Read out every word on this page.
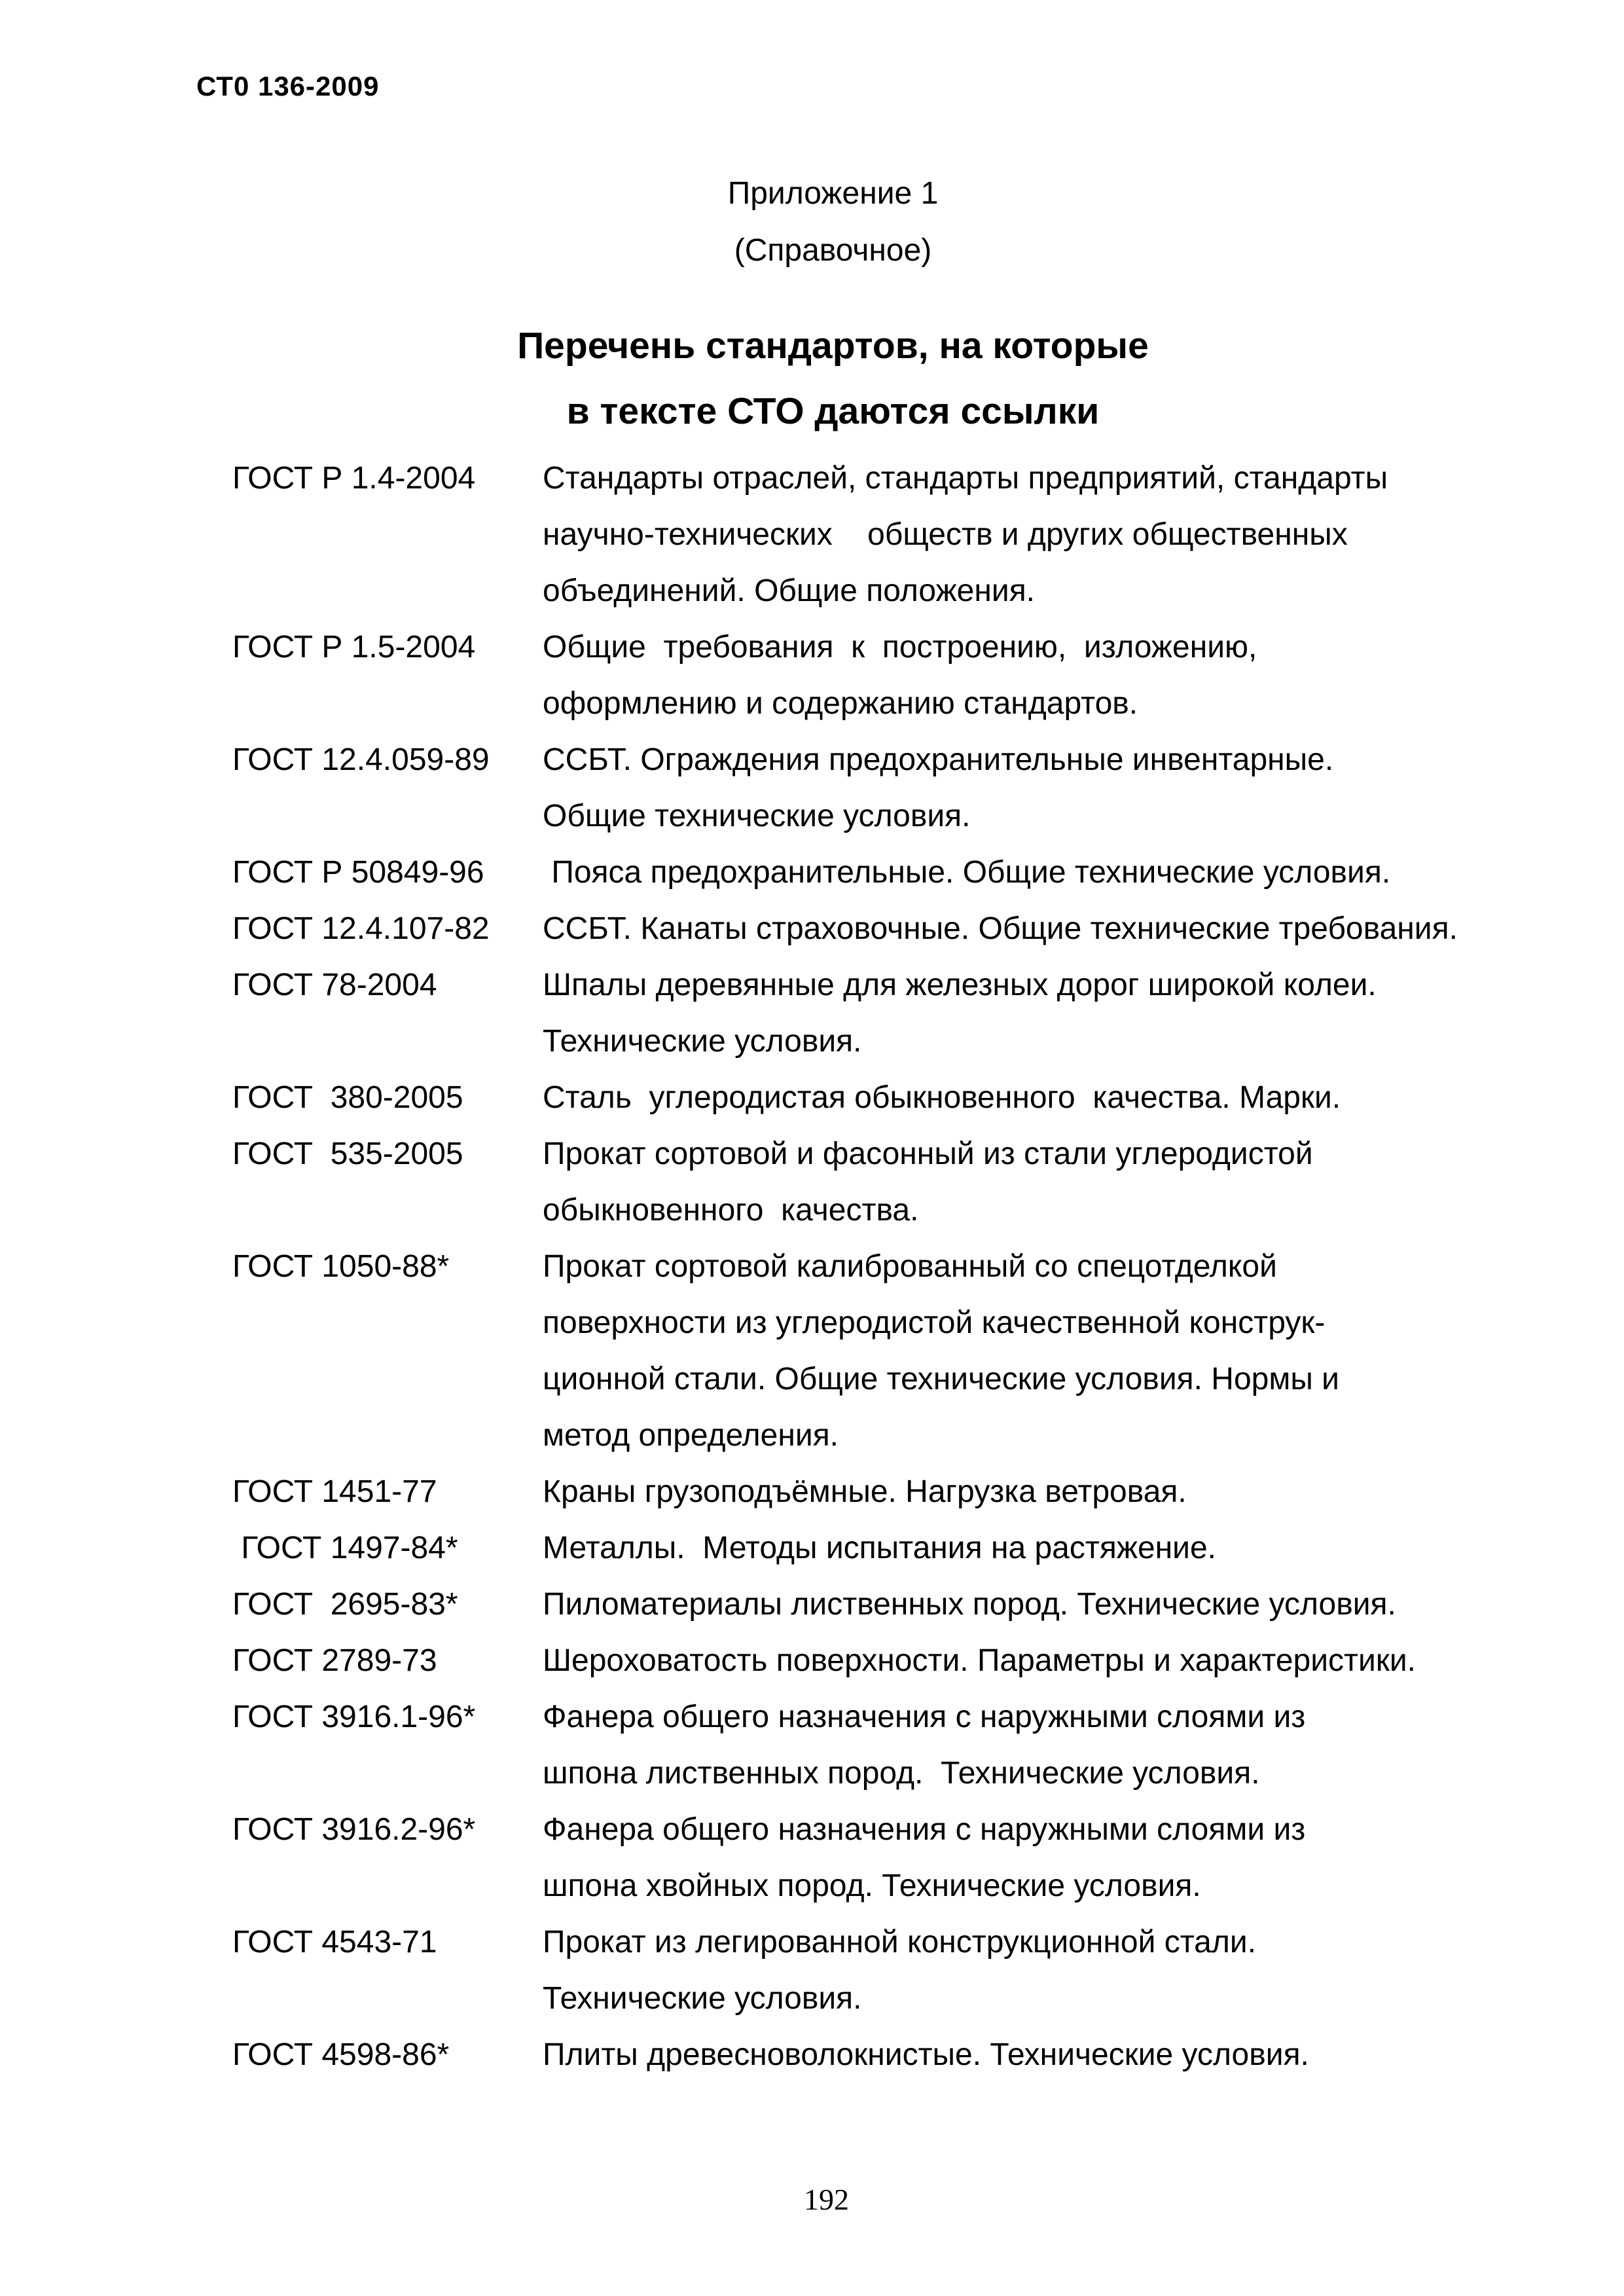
СТ0 136-2009
Приложение 1
(Справочное)
Перечень стандартов, на которые
в тексте СТО даются ссылки
ГОСТ Р 1.4-2004	Стандарты отраслей, стандарты предприятий, стандарты
научно-технических    обществ и других общественных
объединений. Общие положения.
ГОСТ Р 1.5-2004	Общие  требования  к  построению,  изложению,
оформлению и содержанию стандартов.
ГОСТ 12.4.059-89	ССБТ. Ограждения предохранительные инвентарные.
Общие технические условия.
ГОСТ Р 50849-96	Пояса предохранительные. Общие технические условия.
ГОСТ 12.4.107-82	ССБТ. Канаты страховочные. Общие технические требования.
ГОСТ 78-2004	Шпалы деревянные для железных дорог широкой колеи.
Технические условия.
ГОСТ  380-2005	Сталь  углеродистая обыкновенного  качества. Марки.
ГОСТ  535-2005	Прокат сортовой и фасонный из стали углеродистой
обыкновенного  качества.
ГОСТ 1050-88*	Прокат сортовой калиброванный со спецотделкой
поверхности из углеродистой качественной конструк-
ционной стали. Общие технические условия. Нормы и
метод определения.
ГОСТ 1451-77	Краны грузоподъёмные. Нагрузка ветровая.
ГОСТ 1497-84*	Металлы.  Методы испытания на растяжение.
ГОСТ  2695-83*	Пиломатериалы лиственных пород. Технические условия.
ГОСТ 2789-73	Шероховатость поверхности. Параметры и характеристики.
ГОСТ 3916.1-96*	Фанера общего назначения с наружными слоями из
шпона лиственных пород.  Технические условия.
ГОСТ 3916.2-96*	Фанера общего назначения с наружными слоями из
шпона хвойных пород. Технические условия.
ГОСТ 4543-71	Прокат из легированной конструкционной стали.
Технические условия.
ГОСТ 4598-86*	Плиты древесноволокнистые. Технические условия.
192
